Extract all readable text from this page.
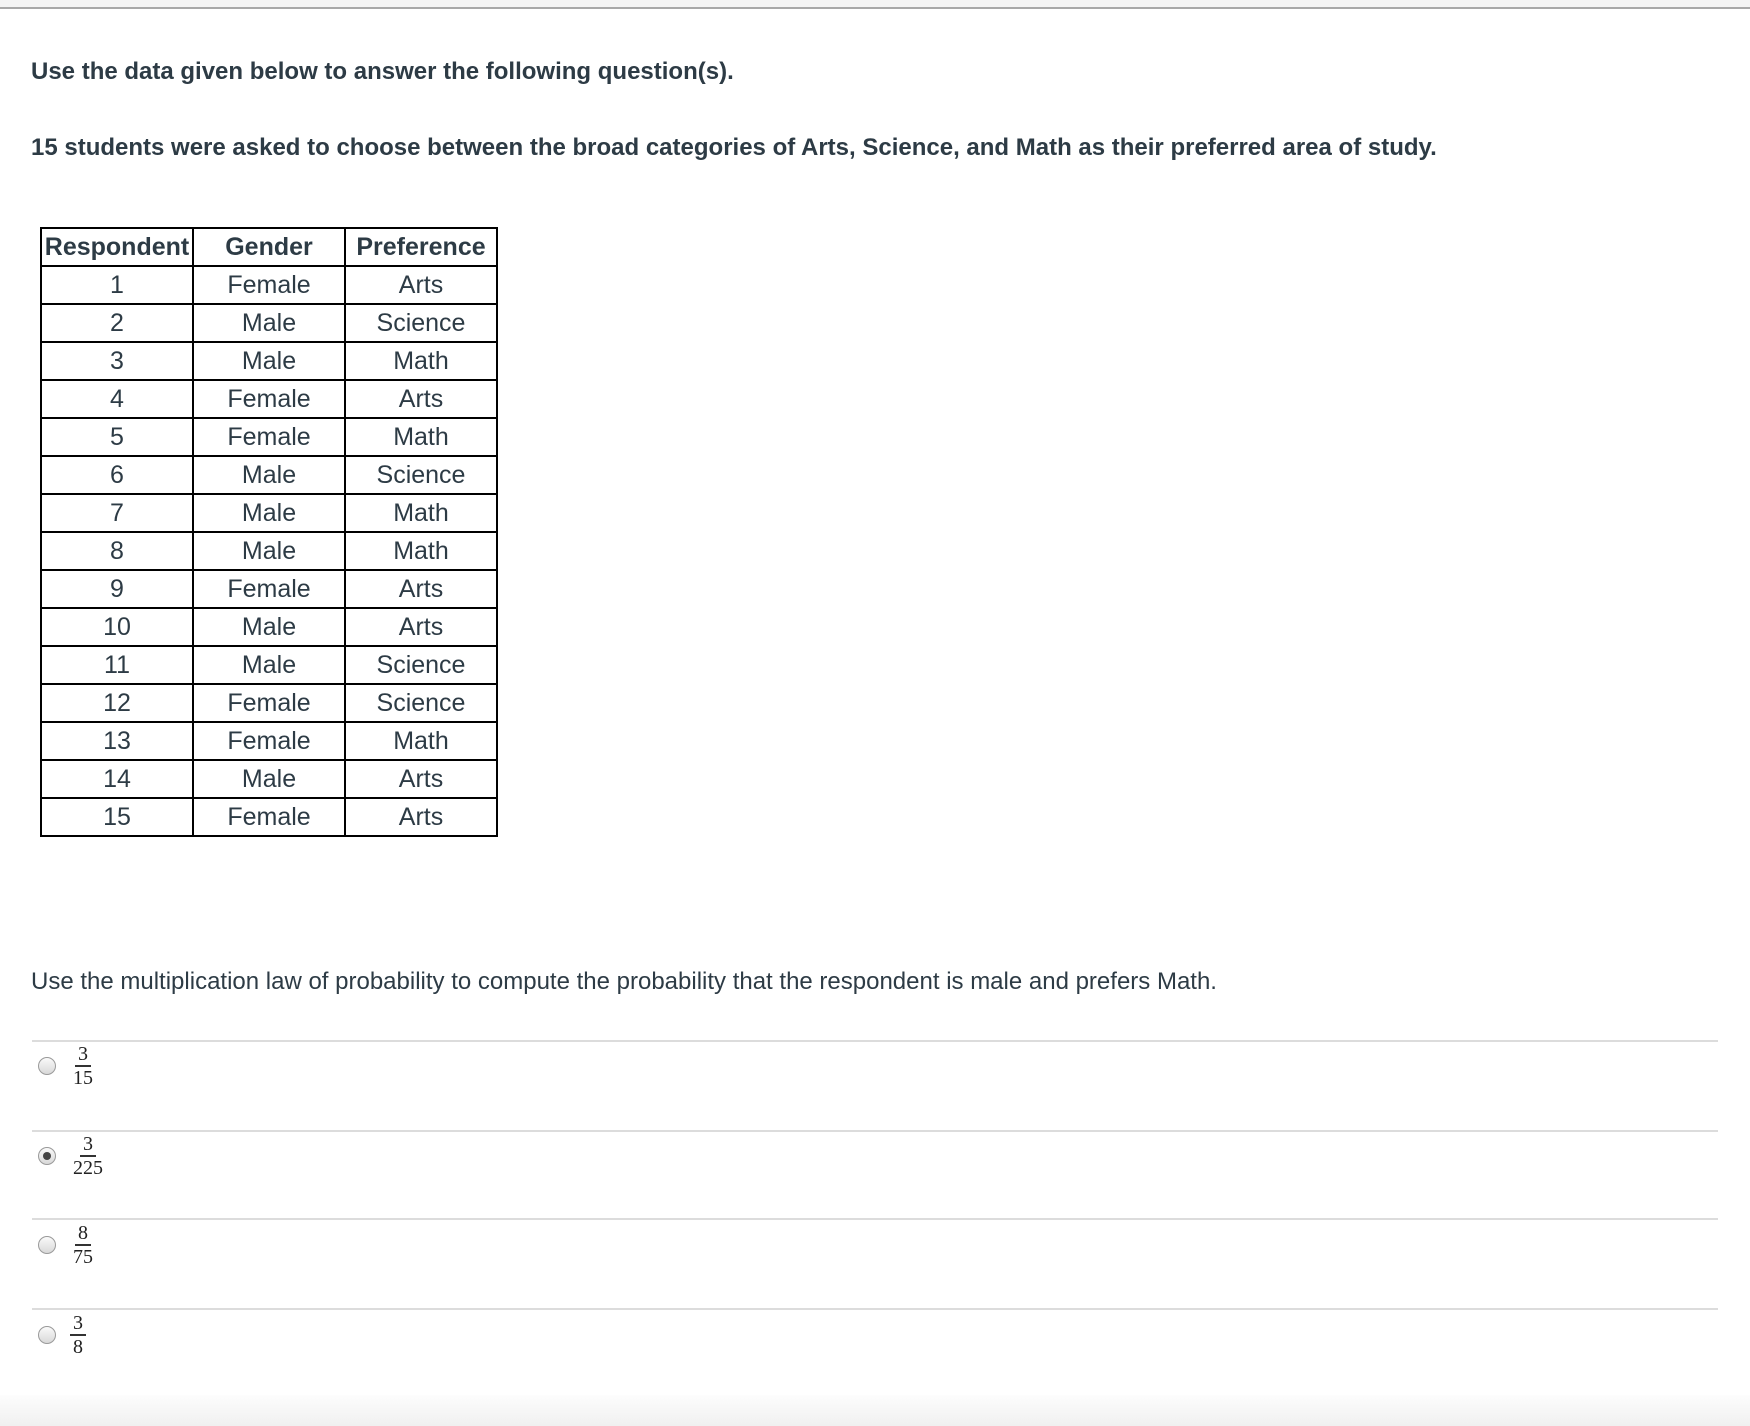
Use the data given below to answer the following question(s).

15 students were asked to choose between the broad categories of Arts, Science, and Math as their preferred area of study.

Respondent	Gender	Preference
1	Female	Arts
2	Male	Science
3	Male	Math
4	Female	Arts
5	Female	Math
6	Male	Science
7	Male	Math
8	Male	Math
9	Female	Arts
10	Male	Arts
11	Male	Science
12	Female	Science
13	Female	Math
14	Male	Arts
15	Female	Arts

Use the multiplication law of probability to compute the probability that the respondent is male and prefers Math.

$\frac{3}{15}$
$\frac{3}{225}$
$\frac{8}{75}$
$\frac{3}{8}$
